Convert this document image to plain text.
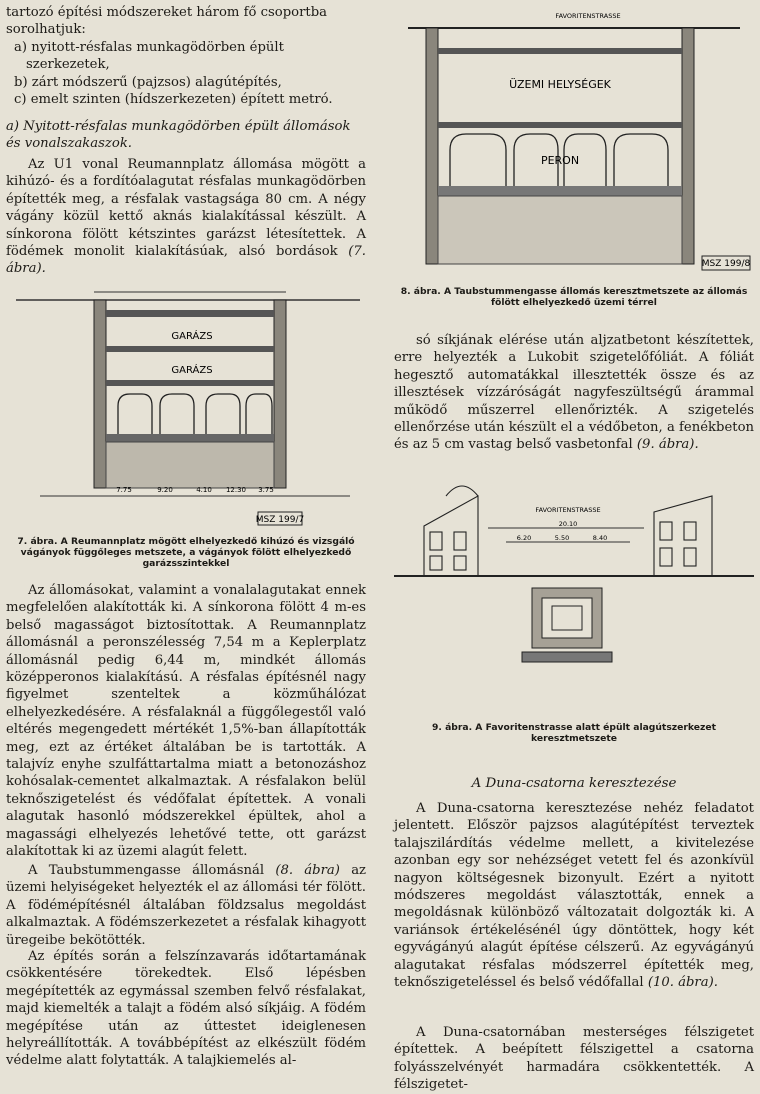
tartozó építési módszereket három fő csoportba

sorolhatjuk:

a) nyitott-résfalas munkagödörben épült szerkezetek,
b) zárt módszerű (pajzsos) alagútépítés,
c) emelt szinten (hídszerkezeten) épített metró.
a) Nyitott-résfalas munkagödörben épült állomások és vonalszakaszok.

Az U1 vonal Reumannplatz állomása mögött a kihúzó- és a fordítóalagutat résfalas munkagödörben építették meg, a résfalak vastagsága 80 cm. A négy vágány közül kettő aknás kialakítással készült. A sínkorona fölött kétszintes garázst létesítettek. A födémek monolit kialakításúak, alsó bordások (7. ábra).

GARÁZS
GARÁZS
7.75	9.20	4.10 12.30 3.75
MSZ 199/7
7. ábra. A Reumannplatz mögött elhelyezkedő kihúzó és vizsgáló vágányok függőleges metszete, a vágányok fölött elhelyezkedő garázsszintekkel

Az állomásokat, valamint a vonalalagutakat ennek megfelelően alakították ki. A sínkorona fölött 4 m-es belső magasságot biztosítottak. A Reumannplatz állomásnál a peronszélesség 7,54 m a Keplerplatz állomásnál pedig 6,44 m, mindkét állomás középperonos kialakítású. A résfalas építésnél nagy figyelmet szenteltek a közműhálózat elhelyezkedésére. A résfalaknál a függőlegestől való eltérés megengedett mértékét 1,5%-ban állapították meg, ezt az értéket általában be is tartották. A talajvíz enyhe szulfáttartalma miatt a betonozáshoz kohósalak-cementet alkalmaztak. A résfalakon belül teknőszigetelést és védőfalat építettek. A vonali alagutak hasonló módszerekkel épültek, ahol a magassági elhelyezés lehetővé tette, ott garázst alakítottak ki az üzemi alagút felett.

A Taubstummengasse állomásnál (8. ábra) az üzemi helyiségeket helyezték el az állomási tér fölött. A födémépítésnél általában földzsalus megoldást alkalmaztak. A födémszerkezetet a résfalak kihagyott üregeibe bekötötték.

Az építés során a felszínzavarás időtartamának csökkentésére törekedtek. Első lépésben megépítették az egymással szemben felvő résfalakat, majd kiemelték a talajt a födém alsó síkjáig. A födém megépítése után az úttestet ideiglenesen helyreállították. A továbbépítést az elkészült födém védelme alatt folytatták. A talajkiemelés al-

FAVORITENSTRASSE
ÜZEMI HELYSÉGEK
PERON
MSZ 199/8
8. ábra. A Taubstummengasse állomás keresztmetszete az állomás fölött elhelyezkedő üzemi térrel

só síkjának elérése után aljzatbetont készítettek, erre helyezték a Lukobit szigetelőfóliát. A fóliát hegesztő automatákkal illesztették össze és az illesztések vízzáróságát nagyfeszültségű árammal működő műszerrel ellenőrizték. A szigetelés ellenőrzése után készült el a védőbeton, a fenékbeton és az 5 cm vastag belső vasbetonfal (9. ábra).

FAVORITENSTRASSE
20.10
6.20	5.50	8.40
9. ábra. A Favoritenstrasse alatt épült alagútszerkezet keresztmetszete
A Duna-csatorna keresztezése

A Duna-csatorna keresztezése nehéz feladatot jelentett. Először pajzsos alagútépítést terveztek talajszilárdítás védelme mellett, a kivitelezése azonban egy sor nehézséget vetett fel és azonkívül nagyon költségesnek bizonyult. Ezért a nyitott módszeres megoldást választották, ennek a megoldásnak különböző változatait dolgozták ki. A variánsok értékelésénél úgy döntöttek, hogy két egyvágányú alagút építése célszerű. Az egyvágányú alagutakat résfalas módszerrel építették meg, teknőszigeteléssel és belső védőfallal (10. ábra).

A Duna-csatornában mesterséges félszigetet építettek. A beépített félszigettel a csatorna folyásszelvényét harmadára csökkentették. A félszigetet-
